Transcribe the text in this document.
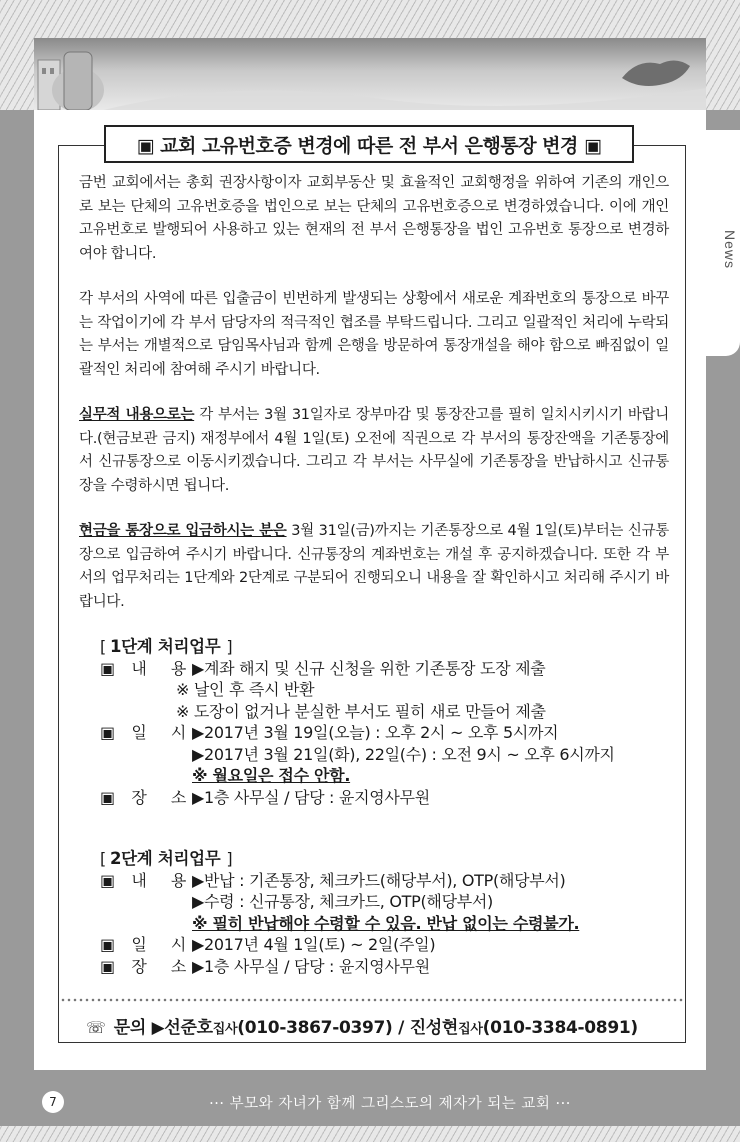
News
▣ 교회 고유번호증 변경에 따른 전 부서 은행통장 변경 ▣
금번 교회에서는 총회 권장사항이자 교회부동산 및 효율적인 교회행정을 위하여 기존의 개인으로 보는 단체의 고유번호증을 법인으로 보는 단체의 고유번호증으로 변경하였습니다. 이에 개인 고유번호로 발행되어 사용하고 있는 현재의 전 부서 은행통장을 법인 고유번호 통장으로 변경하여야 합니다.
각 부서의 사역에 따른 입출금이 빈번하게 발생되는 상황에서 새로운 계좌번호의 통장으로 바꾸는 작업이기에 각 부서 담당자의 적극적인 협조를 부탁드립니다. 그리고 일괄적인 처리에 누락되는 부서는 개별적으로 담임목사님과 함께 은행을 방문하여 통장개설을 해야 함으로 빠짐없이 일괄적인 처리에 참여해 주시기 바랍니다.
실무적 내용으로는 각 부서는 3월 31일자로 장부마감 및 통장잔고를 필히 일치시키시기 바랍니다.(현금보관 금지) 재정부에서 4월 1일(토) 오전에 직권으로 각 부서의 통장잔액을 기존통장에서 신규통장으로 이동시키겠습니다. 그리고 각 부서는 사무실에 기존통장을 반납하시고 신규통장을 수령하시면 됩니다.
현금을 통장으로 입금하시는 분은 3월 31일(금)까지는 기존통장으로 4월 1일(토)부터는 신규통장으로 입금하여 주시기 바랍니다. 신규통장의 계좌번호는 개설 후 공지하겠습니다. 또한 각 부서의 업무처리는 1단계와 2단계로 구분되어 진행되오니 내용을 잘 확인하시고 처리해 주시기 바랍니다.
[ 1단계 처리업무 ]
▣	내	용 ▶계좌 해지 및 신규 신청을 위한 기존통장 도장 제출
※ 날인 후 즉시 반환
※ 도장이 없거나 분실한 부서도 필히 새로 만들어 제출
▣	일	시 ▶2017년 3월 19일(오늘) : 오후 2시 ~ 오후 5시까지
▶2017년 3월 21일(화), 22일(수) : 오전 9시 ~ 오후 6시까지
※ 월요일은 접수 안함.
▣	장	소 ▶1층 사무실 / 담당 : 윤지영사무원
[ 2단계 처리업무 ]
▣	내	용 ▶반납 : 기존통장, 체크카드(해당부서), OTP(해당부서)
▶수령 : 신규통장, 체크카드, OTP(해당부서)
※ 필히 반납해야 수령할 수 있음. 반납 없이는 수령불가.
▣	일	시 ▶2017년 4월 1일(토) ~ 2일(주일)
▣	장	소 ▶1층 사무실 / 담당 : 윤지영사무원
☏ 문의 ▶선준호집사(010-3867-0397) / 진성현집사(010-3384-0891)
7	··· 부모와 자녀가 함께 그리스도의 제자가 되는 교회 ···
